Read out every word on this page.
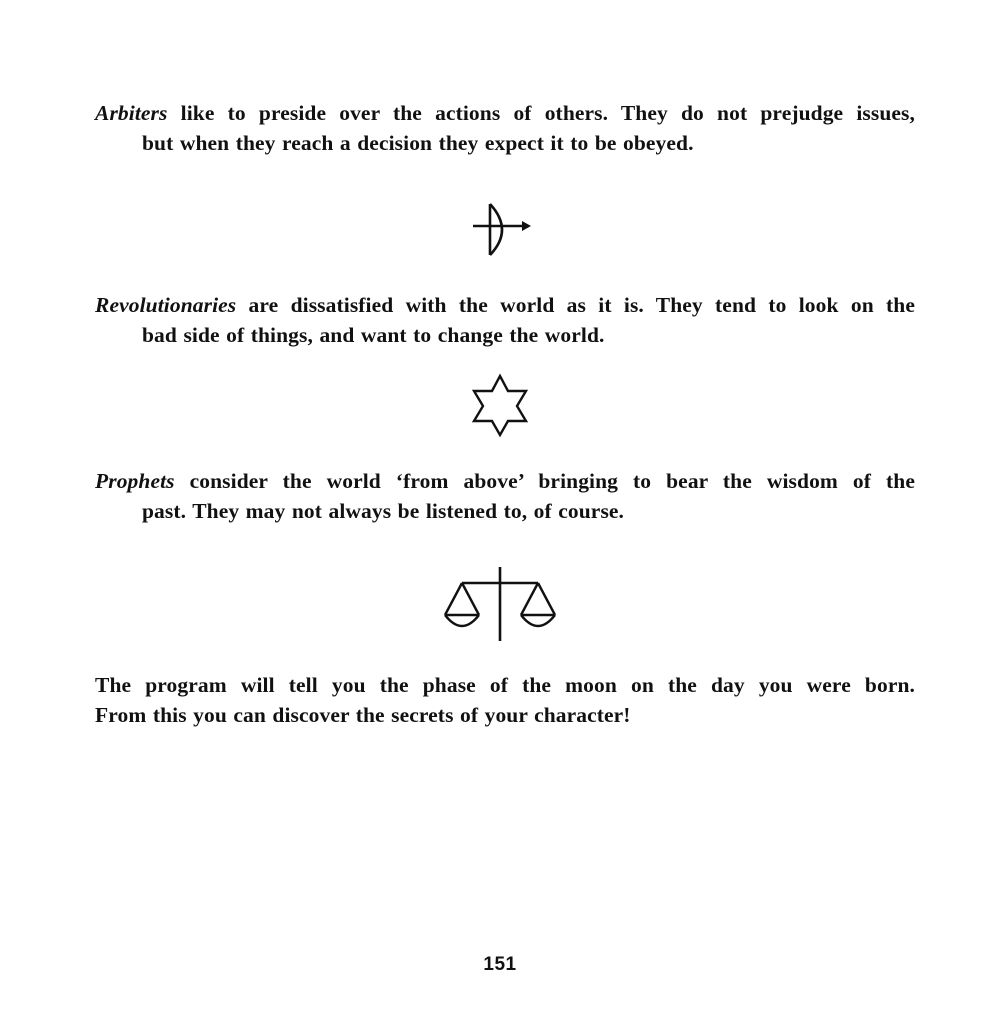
Arbiters like to preside over the actions of others. They do not prejudge issues,
but when they reach a decision they expect it to be obeyed.
Revolutionaries are dissatisfied with the world as it is. They tend to look on the
bad side of things, and want to change the world.
Prophets consider the world ‘from above’ bringing to bear the wisdom of the
past. They may not always be listened to, of course.
The program will tell you the phase of the moon on the day you were born.
From this you can discover the secrets of your character!
151
